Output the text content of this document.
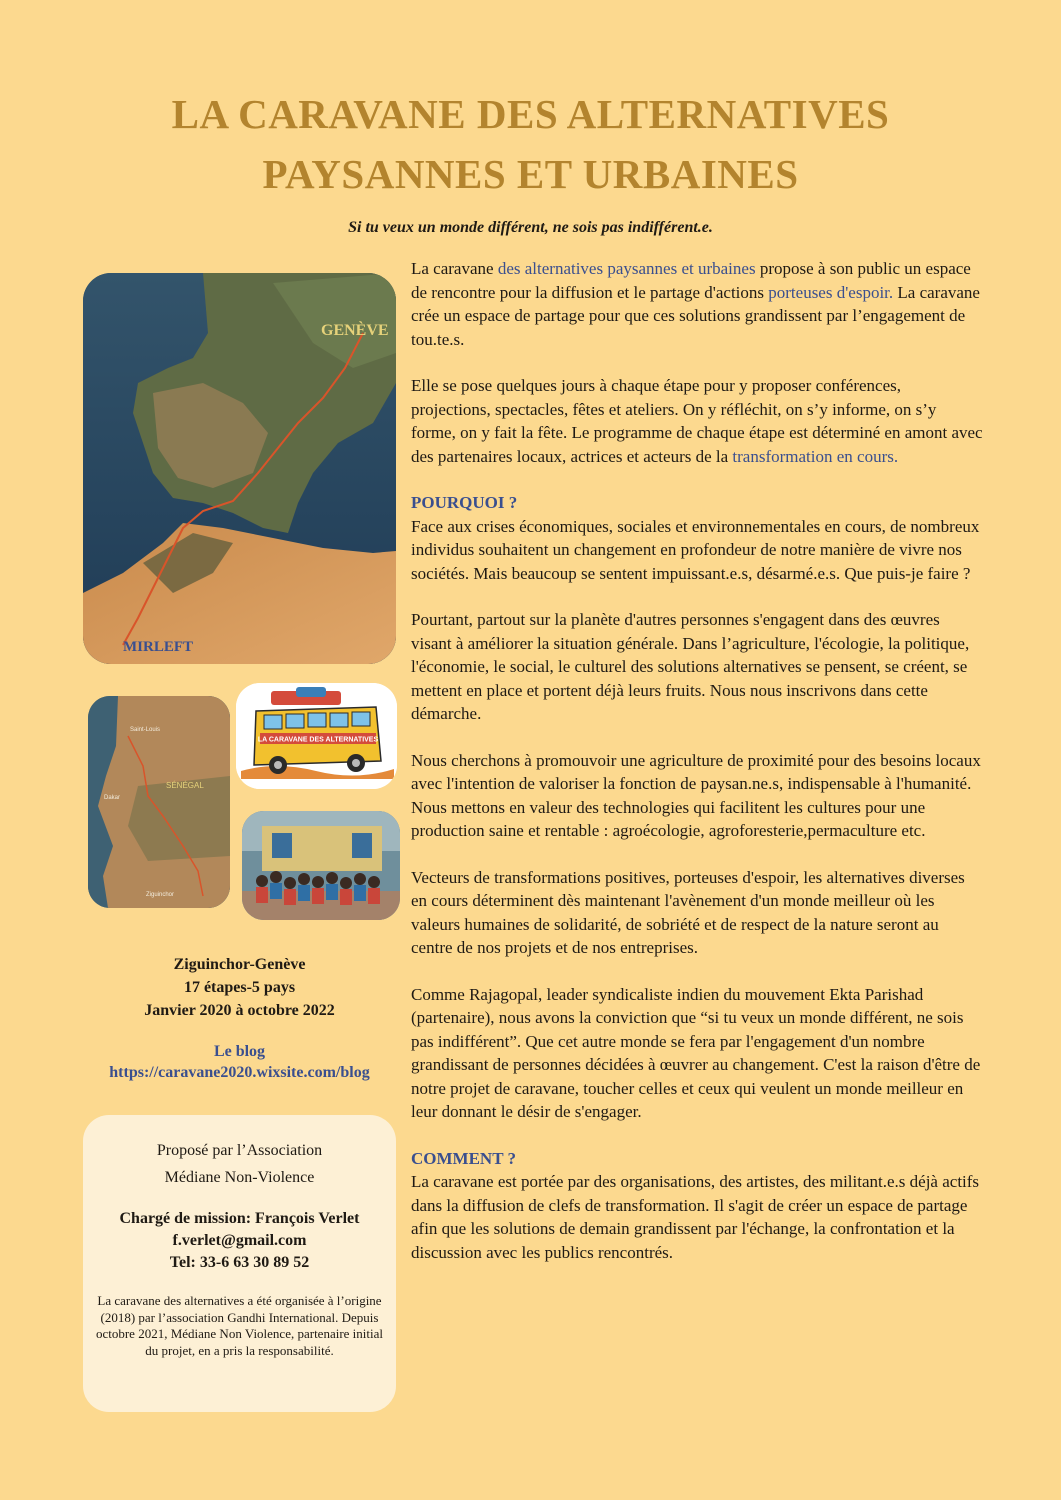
LA CARAVANE DES ALTERNATIVES
PAYSANNES ET URBAINES
Si tu veux un monde différent, ne sois pas indifférent.e.
GENÈVE
MIRLEFT
Saint-Louis
SÉNÉGAL
Dakar
Ziguinchor
LA CARAVANE DES ALTERNATIVES
Ziguinchor-Genève
17 étapes-5 pays
Janvier 2020 à octobre 2022
Le blog
https://caravane2020.wixsite.com/blog
Proposé par l’Association
Médiane Non-Violence
Chargé de mission: François Verlet
f.verlet@gmail.com
Tel: 33-6 63 30 89 52
La caravane des alternatives a été organisée à l’origine (2018) par l’association Gandhi International. Depuis octobre 2021, Médiane Non Violence, partenaire initial du projet, en a pris la responsabilité.

La caravane des alternatives paysannes et urbaines propose à son public un espace de rencontre pour la diffusion et le partage d'actions porteuses d'espoir. La caravane crée un espace de partage pour que ces solutions grandissent par l’engagement de tou.te.s.

Elle se pose quelques jours à chaque étape pour y proposer conférences, projections, spectacles, fêtes et ateliers. On y réfléchit, on s’y informe, on s’y forme, on y fait la fête. Le programme de chaque étape est déterminé en amont avec des partenaires locaux, actrices et acteurs de la transformation en cours.

POURQUOI ?

Face aux crises économiques, sociales et environnementales en cours, de nombreux individus souhaitent un changement en profondeur de notre manière de vivre nos sociétés. Mais beaucoup se sentent impuissant.e.s, désarmé.e.s. Que puis-je faire ?

Pourtant, partout sur la planète d'autres personnes s'engagent dans des œuvres visant à améliorer la situation générale. Dans l’agriculture, l'écologie, la politique, l'économie, le social, le culturel des solutions alternatives se pensent, se créent, se mettent en place et portent déjà leurs fruits. Nous nous inscrivons dans cette démarche.

Nous cherchons à promouvoir une agriculture de proximité pour des besoins locaux avec l'intention de valoriser la fonction de paysan.ne.s, indispensable à l'humanité. Nous mettons en valeur des technologies qui facilitent les cultures pour une production saine et rentable : agroécologie, agroforesterie,permaculture etc.

Vecteurs de transformations positives, porteuses d'espoir, les alternatives diverses en cours déterminent dès maintenant l'avènement d'un monde meilleur où les valeurs humaines de solidarité, de sobriété et de respect de la nature seront au centre de nos projets et de nos entreprises.

Comme Rajagopal, leader syndicaliste indien du mouvement Ekta Parishad (partenaire), nous avons la conviction que “si tu veux un monde différent, ne sois pas indifférent”. Que cet autre monde se fera par l'engagement d'un nombre grandissant de personnes décidées à œuvrer au changement. C'est la raison d'être de notre projet de caravane, toucher celles et ceux qui veulent un monde meilleur en leur donnant le désir de s'engager.

COMMENT ?

La caravane est portée par des organisations, des artistes, des militant.e.s déjà actifs dans la diffusion de clefs de transformation. Il s'agit de créer un espace de partage afin que les solutions de demain grandissent par l'échange, la confrontation et la discussion avec les publics rencontrés.
